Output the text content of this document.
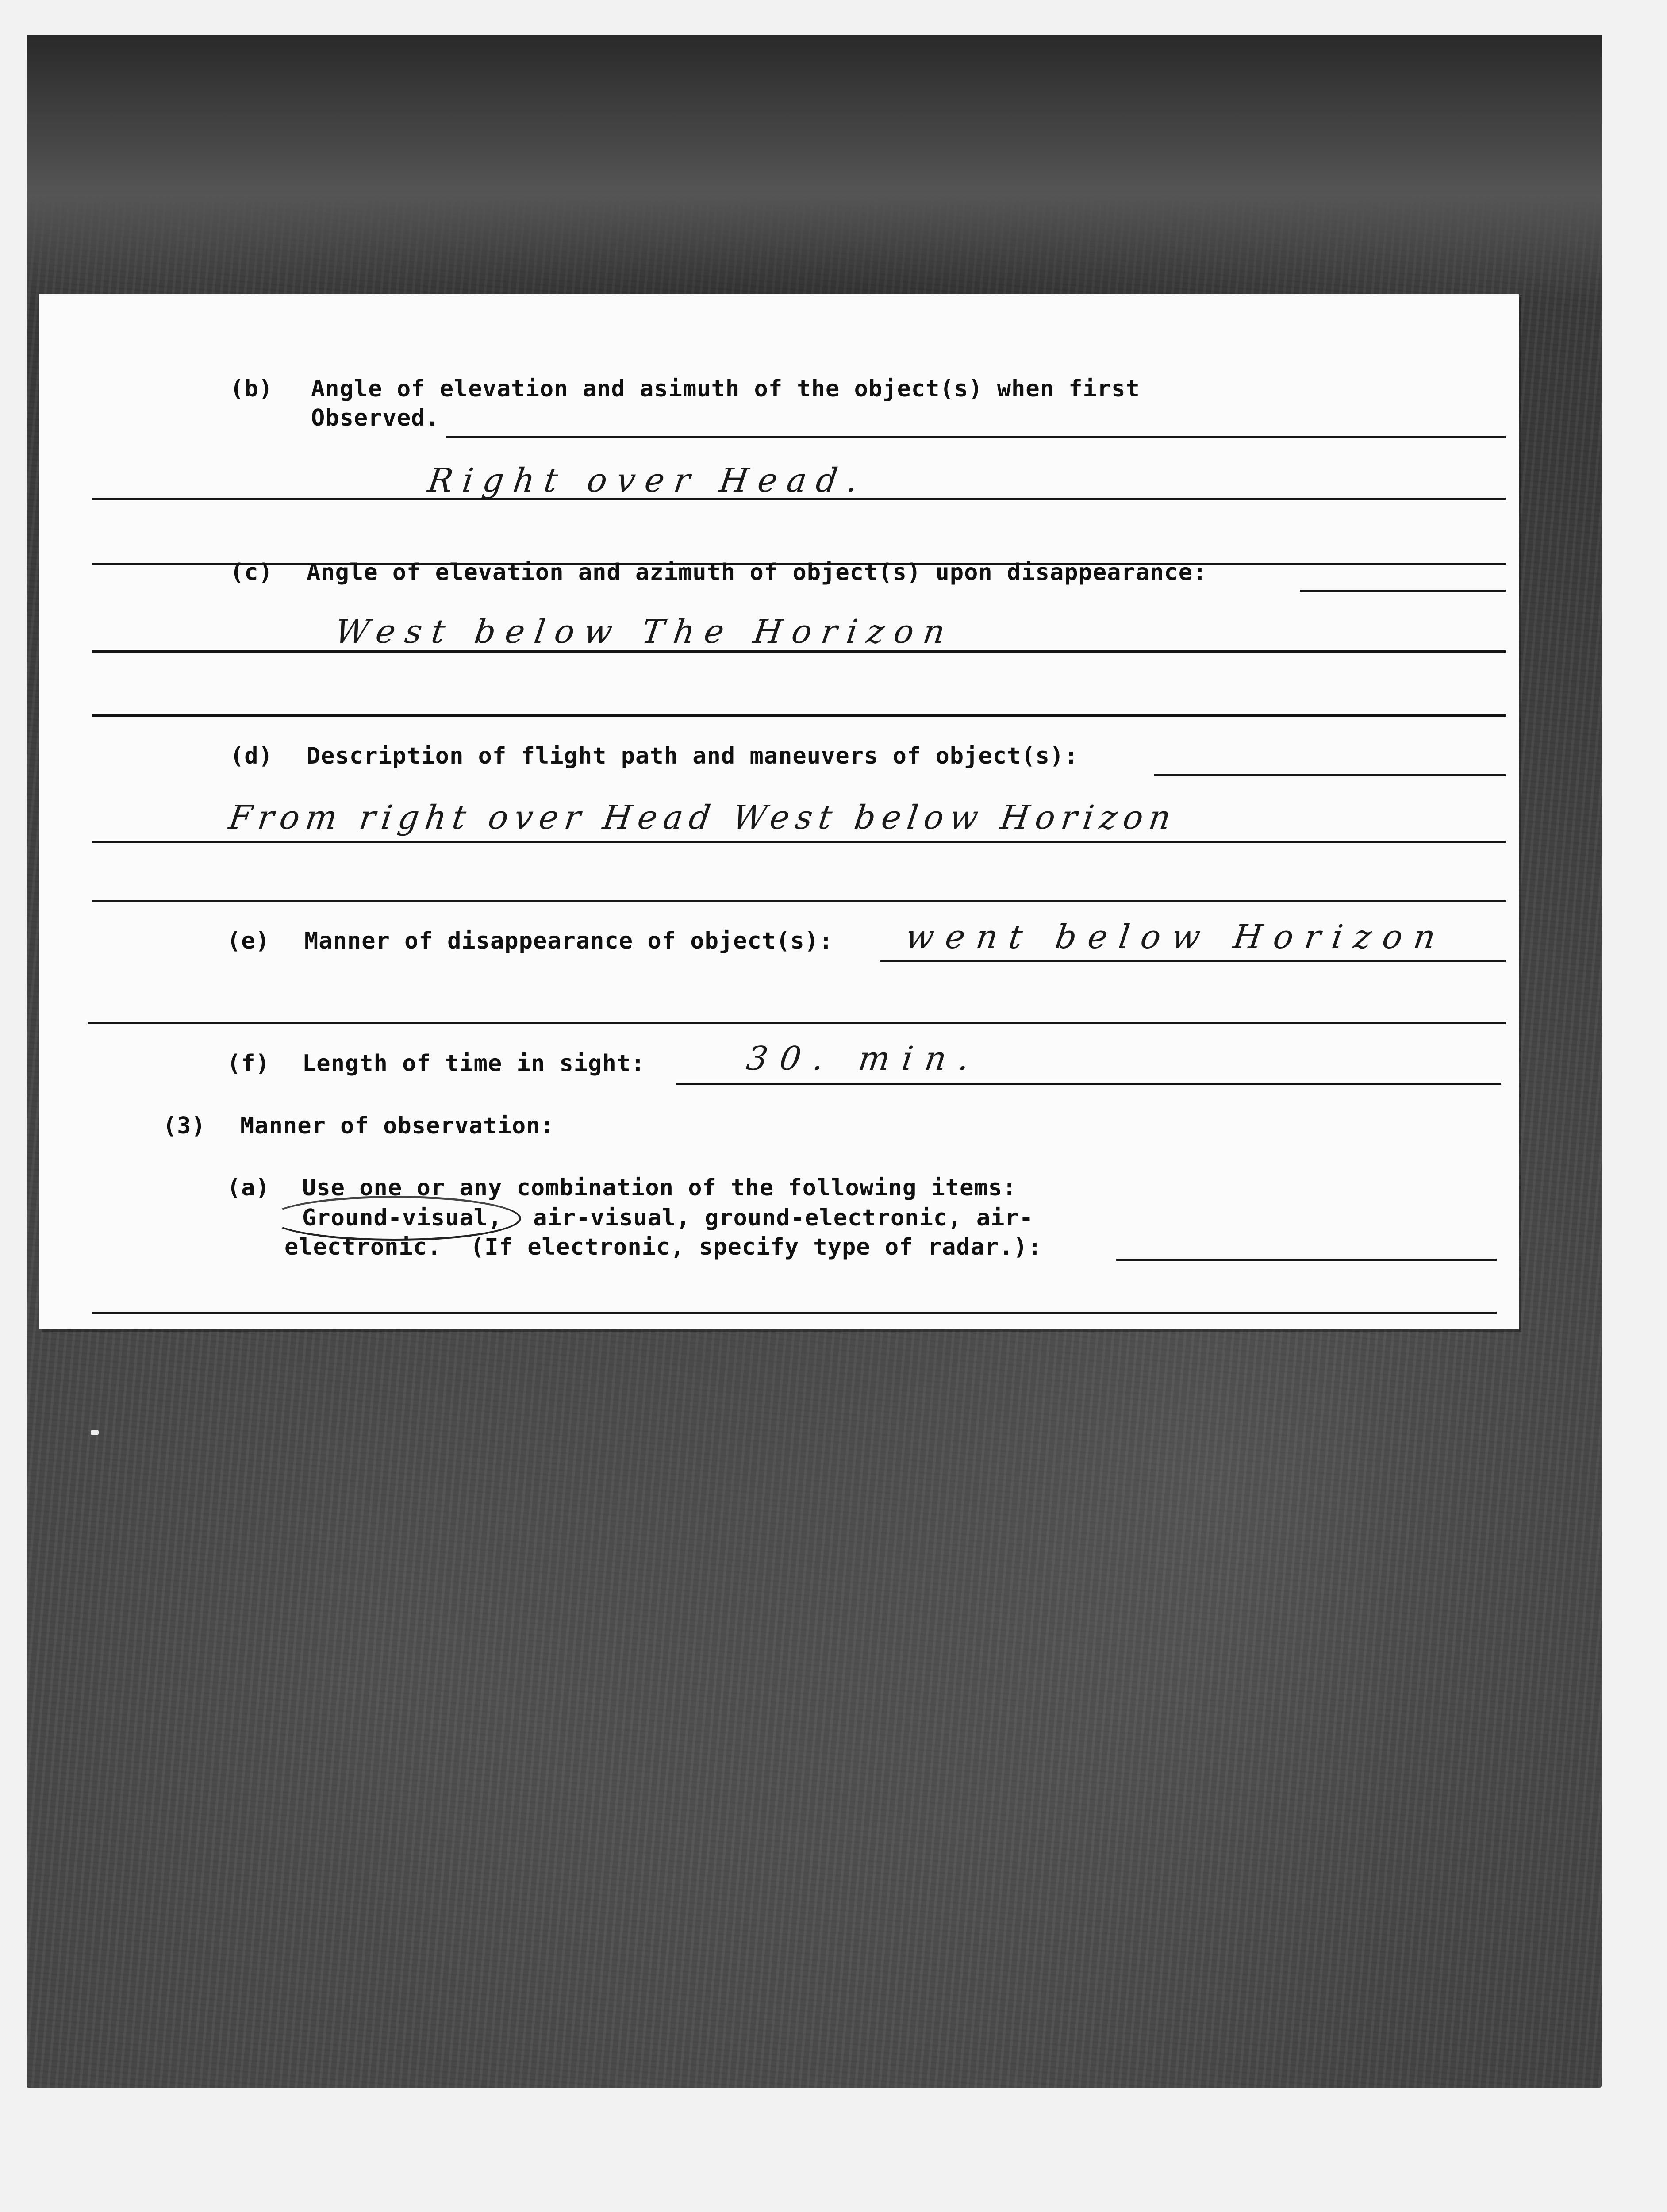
(b) Angle of elevation and asimuth of the object(s) when first
Observed.
Right over Head.
(c) Angle of elevation and azimuth of object(s) upon disappearance:
West below The Horizon
(d) Description of flight path and maneuvers of object(s):
From right over Head West below Horizon
(e) Manner of disappearance of object(s): went below Horizon
(f) Length of time in sight:	30. min.
(3) Manner of observation:
(a) Use one or any combination of the following items:
Ground-visual, air-visual, ground-electronic, air-
electronic.  (If electronic, specify type of radar.):
